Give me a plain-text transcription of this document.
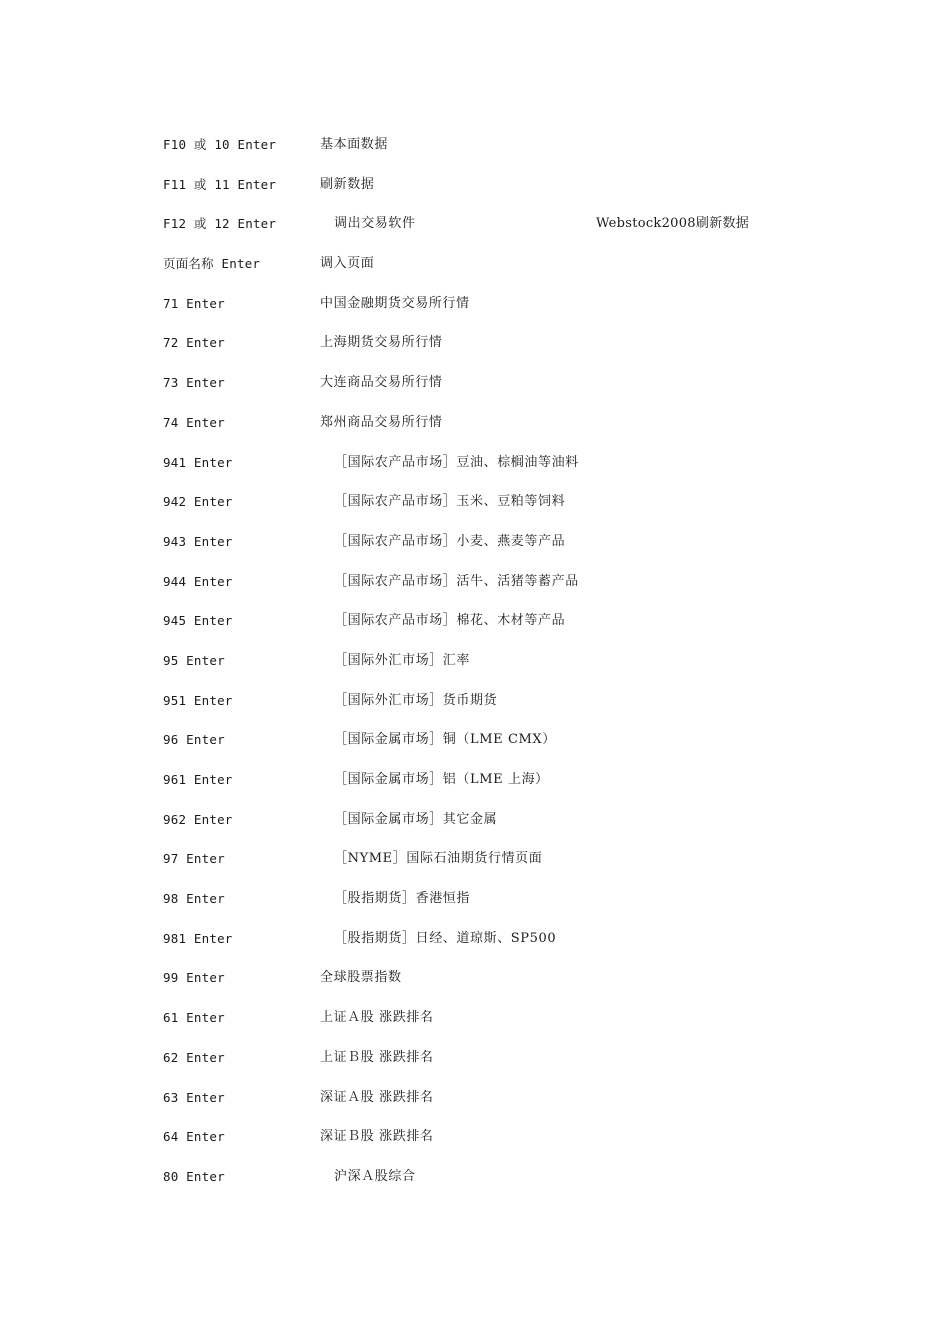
F10 或 10 Enter	基本面数据
F11 或 11 Enter	刷新数据
F12 或 12 Enter	调出交易软件	Webstock2008刷新数据
页面名称 Enter	调入页面
71 Enter	中国金融期货交易所行情
72 Enter	上海期货交易所行情
73 Enter	大连商品交易所行情
74 Enter	郑州商品交易所行情
941 Enter	［国际农产品市场］豆油、棕榈油等油料
942 Enter	［国际农产品市场］玉米、豆粕等饲料
943 Enter	［国际农产品市场］小麦、燕麦等产品
944 Enter	［国际农产品市场］活牛、活猪等蓄产品
945 Enter	［国际农产品市场］棉花、木材等产品
95 Enter	［国际外汇市场］汇率
951 Enter	［国际外汇市场］货币期货
96 Enter	［国际金属市场］铜（LME CMX）
961 Enter	［国际金属市场］铝（LME 上海）
962 Enter	［国际金属市场］其它金属
97 Enter	［NYME］国际石油期货行情页面
98 Enter	［股指期货］香港恒指
981 Enter	［股指期货］日经、道琼斯、SP500
99 Enter	全球股票指数
61 Enter	上证Ａ股 涨跌排名
62 Enter	上证Ｂ股 涨跌排名
63 Enter	深证Ａ股 涨跌排名
64 Enter	深证Ｂ股 涨跌排名
80 Enter	沪深Ａ股综合
